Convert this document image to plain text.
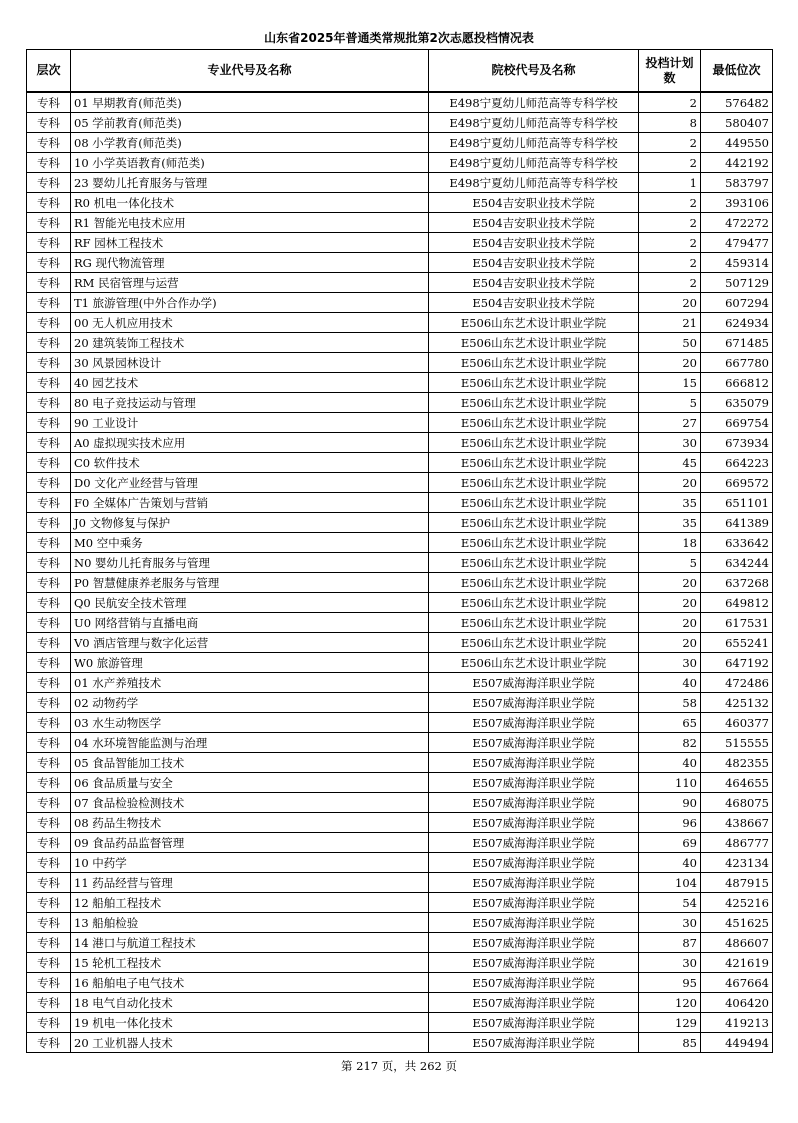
山东省2025年普通类常规批第2次志愿投档情况表
层次	专业代号及名称	院校代号及名称	投档计划数	最低位次
专科	01 早期教育(师范类)	E498宁夏幼儿师范高等专科学校	2	576482
专科	05 学前教育(师范类)	E498宁夏幼儿师范高等专科学校	8	580407
专科	08 小学教育(师范类)	E498宁夏幼儿师范高等专科学校	2	449550
专科	10 小学英语教育(师范类)	E498宁夏幼儿师范高等专科学校	2	442192
专科	23 婴幼儿托育服务与管理	E498宁夏幼儿师范高等专科学校	1	583797
专科	R0 机电一体化技术	E504吉安职业技术学院	2	393106
专科	R1 智能光电技术应用	E504吉安职业技术学院	2	472272
专科	RF 园林工程技术	E504吉安职业技术学院	2	479477
专科	RG 现代物流管理	E504吉安职业技术学院	2	459314
专科	RM 民宿管理与运营	E504吉安职业技术学院	2	507129
专科	T1 旅游管理(中外合作办学)	E504吉安职业技术学院	20	607294
专科	00 无人机应用技术	E506山东艺术设计职业学院	21	624934
专科	20 建筑装饰工程技术	E506山东艺术设计职业学院	50	671485
专科	30 风景园林设计	E506山东艺术设计职业学院	20	667780
专科	40 园艺技术	E506山东艺术设计职业学院	15	666812
专科	80 电子竞技运动与管理	E506山东艺术设计职业学院	5	635079
专科	90 工业设计	E506山东艺术设计职业学院	27	669754
专科	A0 虚拟现实技术应用	E506山东艺术设计职业学院	30	673934
专科	C0 软件技术	E506山东艺术设计职业学院	45	664223
专科	D0 文化产业经营与管理	E506山东艺术设计职业学院	20	669572
专科	F0 全媒体广告策划与营销	E506山东艺术设计职业学院	35	651101
专科	J0 文物修复与保护	E506山东艺术设计职业学院	35	641389
专科	M0 空中乘务	E506山东艺术设计职业学院	18	633642
专科	N0 婴幼儿托育服务与管理	E506山东艺术设计职业学院	5	634244
专科	P0 智慧健康养老服务与管理	E506山东艺术设计职业学院	20	637268
专科	Q0 民航安全技术管理	E506山东艺术设计职业学院	20	649812
专科	U0 网络营销与直播电商	E506山东艺术设计职业学院	20	617531
专科	V0 酒店管理与数字化运营	E506山东艺术设计职业学院	20	655241
专科	W0 旅游管理	E506山东艺术设计职业学院	30	647192
专科	01 水产养殖技术	E507威海海洋职业学院	40	472486
专科	02 动物药学	E507威海海洋职业学院	58	425132
专科	03 水生动物医学	E507威海海洋职业学院	65	460377
专科	04 水环境智能监测与治理	E507威海海洋职业学院	82	515555
专科	05 食品智能加工技术	E507威海海洋职业学院	40	482355
专科	06 食品质量与安全	E507威海海洋职业学院	110	464655
专科	07 食品检验检测技术	E507威海海洋职业学院	90	468075
专科	08 药品生物技术	E507威海海洋职业学院	96	438667
专科	09 食品药品监督管理	E507威海海洋职业学院	69	486777
专科	10 中药学	E507威海海洋职业学院	40	423134
专科	11 药品经营与管理	E507威海海洋职业学院	104	487915
专科	12 船舶工程技术	E507威海海洋职业学院	54	425216
专科	13 船舶检验	E507威海海洋职业学院	30	451625
专科	14 港口与航道工程技术	E507威海海洋职业学院	87	486607
专科	15 轮机工程技术	E507威海海洋职业学院	30	421619
专科	16 船舶电子电气技术	E507威海海洋职业学院	95	467664
专科	18 电气自动化技术	E507威海海洋职业学院	120	406420
专科	19 机电一体化技术	E507威海海洋职业学院	129	419213
专科	20 工业机器人技术	E507威海海洋职业学院	85	449494
第 217 页，共 262 页
